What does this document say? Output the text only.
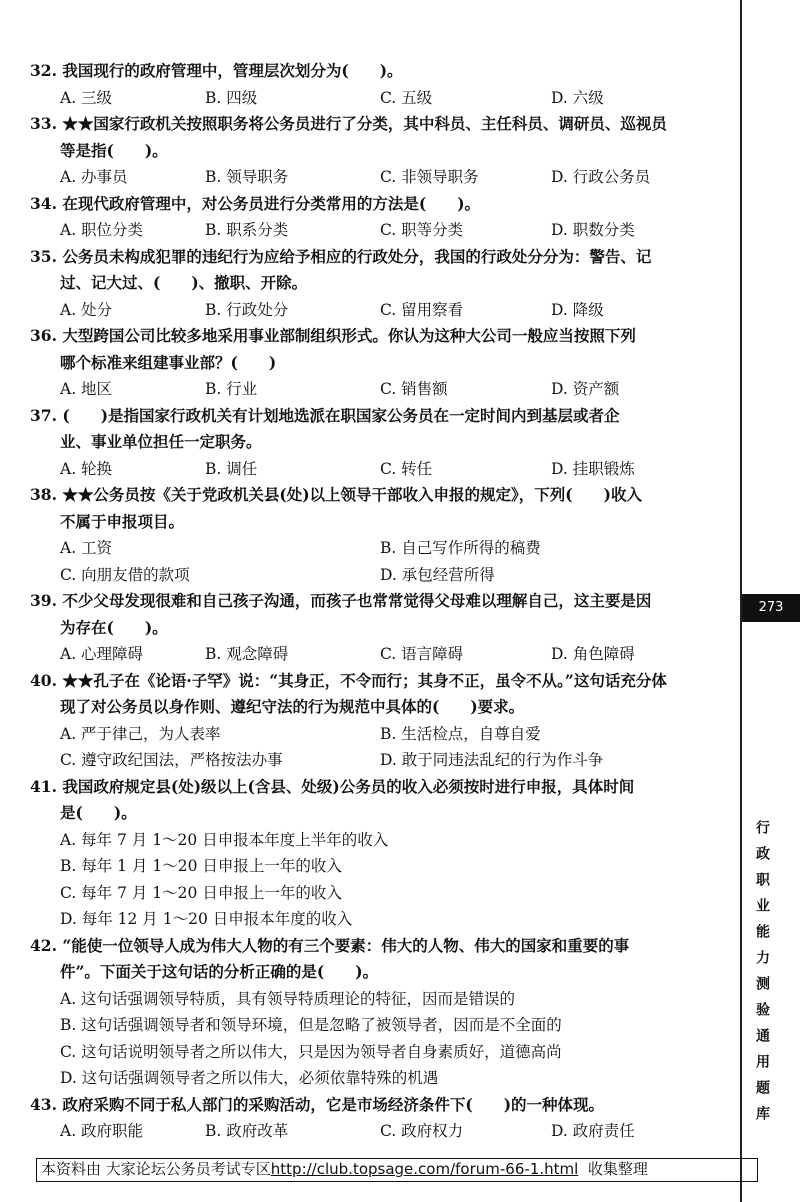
273
行政职业能力测验通用题库
32. 我国现行的政府管理中，管理层次划分为(　　)。
A. 三级	B. 四级	C. 五级	D. 六级
33. ★★国家行政机关按照职务将公务员进行了分类，其中科员、主任科员、调研员、巡视员
等是指(　　)。
A. 办事员	B. 领导职务	C. 非领导职务	D. 行政公务员
34. 在现代政府管理中，对公务员进行分类常用的方法是(　　)。
A. 职位分类	B. 职系分类	C. 职等分类	D. 职数分类
35. 公务员未构成犯罪的违纪行为应给予相应的行政处分，我国的行政处分分为：警告、记
过、记大过、(　　)、撤职、开除。
A. 处分	B. 行政处分	C. 留用察看	D. 降级
36. 大型跨国公司比较多地采用事业部制组织形式。你认为这种大公司一般应当按照下列
哪个标准来组建事业部？(　　)
A. 地区	B. 行业	C. 销售额	D. 资产额
37. (　　)是指国家行政机关有计划地选派在职国家公务员在一定时间内到基层或者企
业、事业单位担任一定职务。
A. 轮换	B. 调任	C. 转任	D. 挂职锻炼
38. ★★公务员按《关于党政机关县(处)以上领导干部收入申报的规定》，下列(　　)收入
不属于申报项目。
A. 工资	B. 自己写作所得的稿费
C. 向朋友借的款项	D. 承包经营所得
39. 不少父母发现很难和自己孩子沟通，而孩子也常常觉得父母难以理解自己，这主要是因
为存在(　　)。
A. 心理障碍	B. 观念障碍	C. 语言障碍	D. 角色障碍
40. ★★孔子在《论语·子罕》说：“其身正，不令而行；其身不正，虽令不从。”这句话充分体
现了对公务员以身作则、遵纪守法的行为规范中具体的(　　)要求。
A. 严于律己，为人表率	B. 生活检点，自尊自爱
C. 遵守政纪国法，严格按法办事	D. 敢于同违法乱纪的行为作斗争
41. 我国政府规定县(处)级以上(含县、处级)公务员的收入必须按时进行申报，具体时间
是(　　)。
A. 每年 7 月 1～20 日申报本年度上半年的收入
B. 每年 1 月 1～20 日申报上一年的收入
C. 每年 7 月 1～20 日申报上一年的收入
D. 每年 12 月 1～20 日申报本年度的收入
42. “能使一位领导人成为伟大人物的有三个要素：伟大的人物、伟大的国家和重要的事
件”。下面关于这句话的分析正确的是(　　)。
A. 这句话强调领导特质，具有领导特质理论的特征，因而是错误的
B. 这句话强调领导者和领导环境，但是忽略了被领导者，因而是不全面的
C. 这句话说明领导者之所以伟大，只是因为领导者自身素质好，道德高尚
D. 这句话强调领导者之所以伟大，必须依靠特殊的机遇
43. 政府采购不同于私人部门的采购活动，它是市场经济条件下(　　)的一种体现。
A. 政府职能	B. 政府改革	C. 政府权力	D. 政府责任
本资料由 大家论坛公务员考试专区http://club.topsage.com/forum-66-1.html 收集整理
